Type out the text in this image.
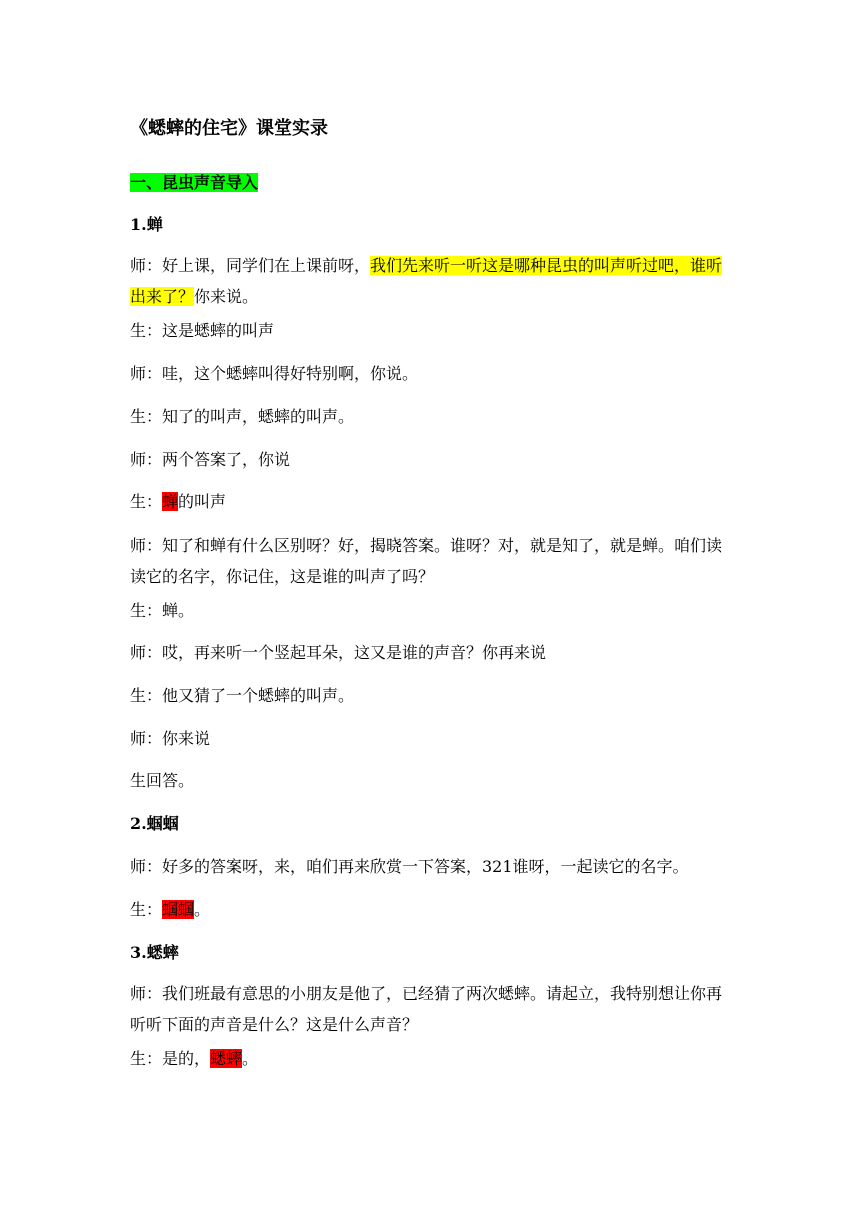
《蟋蟀的住宅》课堂实录
一、昆虫声音导入
1.蝉
师：好上课，同学们在上课前呀，我们先来听一听这是哪种昆虫的叫声听过吧，谁听出来了？你来说。
生：这是蟋蟀的叫声
师：哇，这个蟋蟀叫得好特别啊，你说。
生：知了的叫声，蟋蟀的叫声。
师：两个答案了，你说
生：蝉的叫声
师：知了和蝉有什么区别呀？好，揭晓答案。谁呀？对，就是知了，就是蝉。咱们读读它的名字，你记住，这是谁的叫声了吗？
生：蝉。
师：哎，再来听一个竖起耳朵，这又是谁的声音？你再来说
生：他又猜了一个蟋蟀的叫声。
师：你来说
生回答。
2.蝈蝈
师：好多的答案呀，来，咱们再来欣赏一下答案，321谁呀，一起读它的名字。
生：蝈蝈。
3.蟋蟀
师：我们班最有意思的小朋友是他了，已经猜了两次蟋蟀。请起立，我特别想让你再听听下面的声音是什么？这是什么声音？
生：是的，蟋蟀。
